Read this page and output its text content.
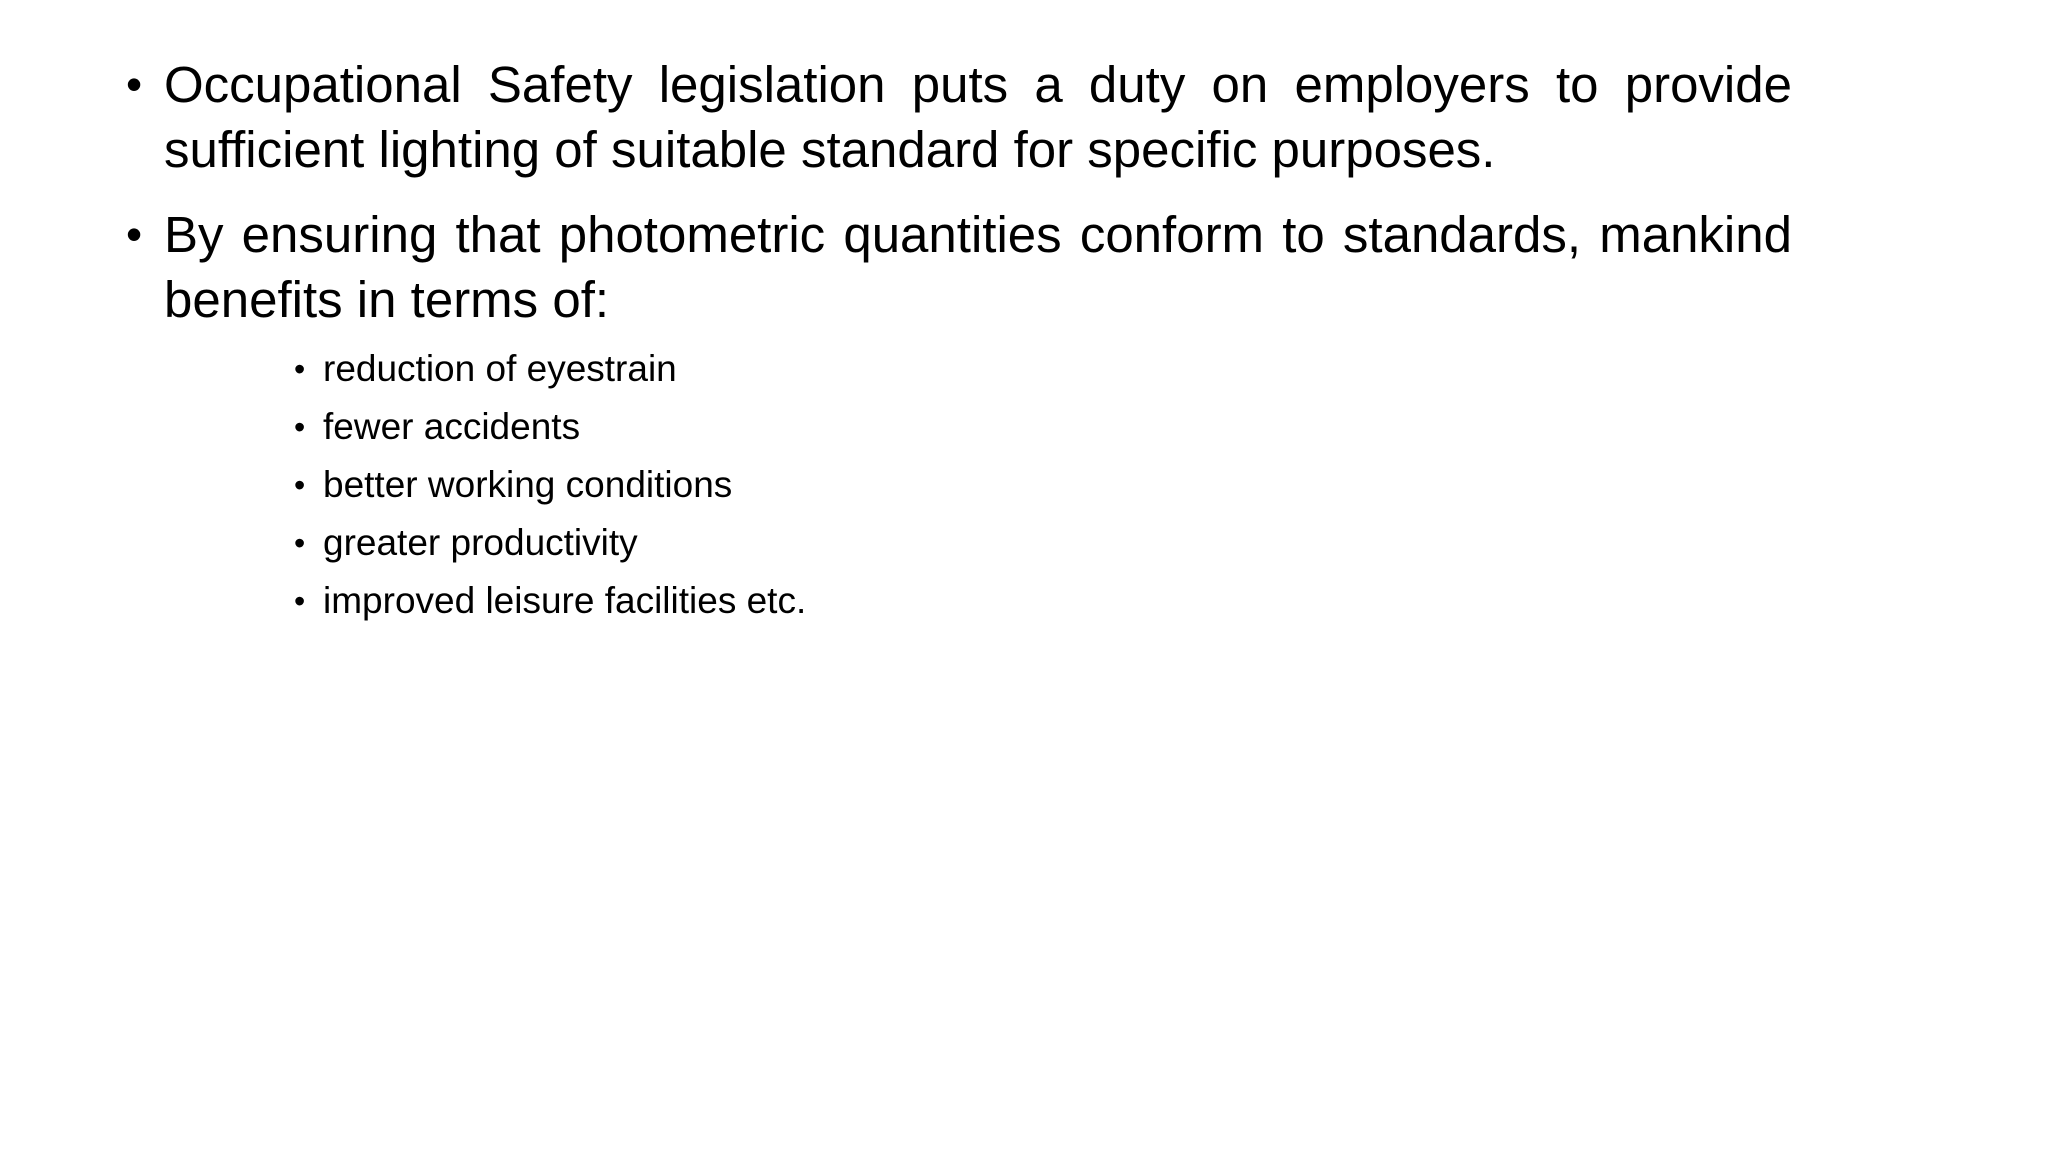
• Occupational Safety legislation puts a duty on employers to provide sufficient lighting of suitable standard for specific purposes.
• By ensuring that photometric quantities conform to standards, mankind benefits in terms of:
• reduction of eyestrain
• fewer accidents
• better working conditions
• greater productivity
• improved leisure facilities etc.
